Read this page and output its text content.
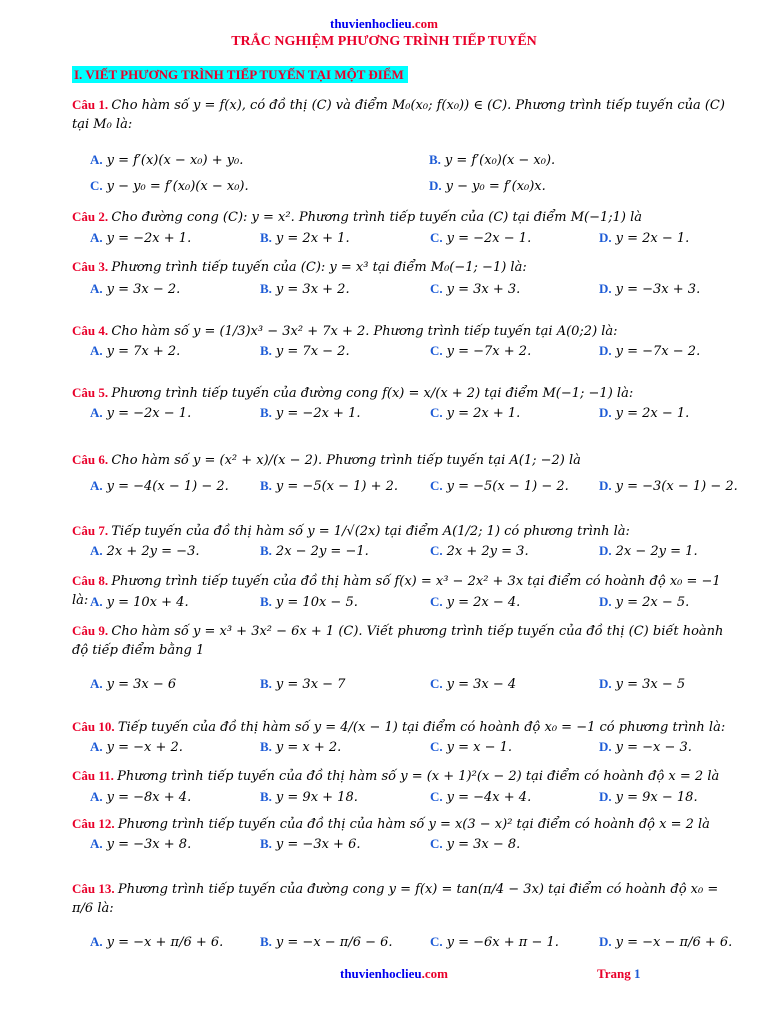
thuvienhoclieu.com
TRẮC NGHIỆM PHƯƠNG TRÌNH TIẾP TUYẾN
I. VIẾT PHƯƠNG TRÌNH TIẾP TUYẾN TẠI MỘT ĐIỂM
Câu 1. Cho hàm số y = f(x), có đồ thị (C) và điểm M₀(x₀; f(x₀)) ∈ (C). Phương trình tiếp tuyến của (C) tại M₀ là:
A. y = f′(x)(x − x₀) + y₀.	B. y = f′(x₀)(x − x₀).
C. y − y₀ = f′(x₀)(x − x₀).	D. y − y₀ = f′(x₀)x.
Câu 2. Cho đường cong (C): y = x². Phương trình tiếp tuyến của (C) tại điểm M(−1;1) là
A. y = −2x + 1.	B. y = 2x + 1.	C. y = −2x − 1.	D. y = 2x − 1.
Câu 3. Phương trình tiếp tuyến của (C): y = x³ tại điểm M₀(−1; −1) là:
A. y = 3x − 2.	B. y = 3x + 2.	C. y = 3x + 3.	D. y = −3x + 3.
Câu 4. Cho hàm số y = (1/3)x³ − 3x² + 7x + 2. Phương trình tiếp tuyến tại A(0;2) là:
A. y = 7x + 2.	B. y = 7x − 2.	C. y = −7x + 2.	D. y = −7x − 2.
Câu 5. Phương trình tiếp tuyến của đường cong f(x) = x/(x + 2) tại điểm M(−1; −1) là:
A. y = −2x − 1.	B. y = −2x + 1.	C. y = 2x + 1.	D. y = 2x − 1.
Câu 6. Cho hàm số y = (x² + x)/(x − 2). Phương trình tiếp tuyến tại A(1; −2) là
A. y = −4(x − 1) − 2. B. y = −5(x − 1) + 2. C. y = −5(x − 1) − 2. D. y = −3(x − 1) − 2.
Câu 7. Tiếp tuyến của đồ thị hàm số y = 1/√(2x) tại điểm A(1/2; 1) có phương trình là:
A. 2x + 2y = −3.	B. 2x − 2y = −1.	C. 2x + 2y = 3.	D. 2x − 2y = 1.
Câu 8. Phương trình tiếp tuyến của đồ thị hàm số f(x) = x³ − 2x² + 3x tại điểm có hoành độ x₀ = −1 là: A. y = 10x + 4.	B. y = 10x − 5.	C. y = 2x − 4.	D. y = 2x − 5.
Câu 9. Cho hàm số y = x³ + 3x² − 6x + 1 (C). Viết phương trình tiếp tuyến của đồ thị (C) biết hoành độ tiếp điểm bằng 1
A. y = 3x − 6	B. y = 3x − 7	C. y = 3x − 4	D. y = 3x − 5
Câu 10. Tiếp tuyến của đồ thị hàm số y = 4/(x − 1) tại điểm có hoành độ x₀ = −1 có phương trình là:
A. y = −x + 2.	B. y = x + 2.	C. y = x − 1.	D. y = −x − 3.
Câu 11. Phương trình tiếp tuyến của đồ thị hàm số y = (x + 1)²(x − 2) tại điểm có hoành độ x = 2 là
A. y = −8x + 4.	B. y = 9x + 18.	C. y = −4x + 4.	D. y = 9x − 18.
Câu 12. Phương trình tiếp tuyến của đồ thị của hàm số y = x(3 − x)² tại điểm có hoành độ x = 2 là
A. y = −3x + 8.	B. y = −3x + 6.	C. y = 3x − 8.
Câu 13. Phương trình tiếp tuyến của đường cong y = f(x) = tan(π/4 − 3x) tại điểm có hoành độ x₀ = π/6 là:
A. y = −x + π/6 + 6.	B. y = −x − π/6 − 6.	C. y = −6x + π − 1.	D. y = −x − π/6 + 6.
thuvienhoclieu.com	Trang 1
